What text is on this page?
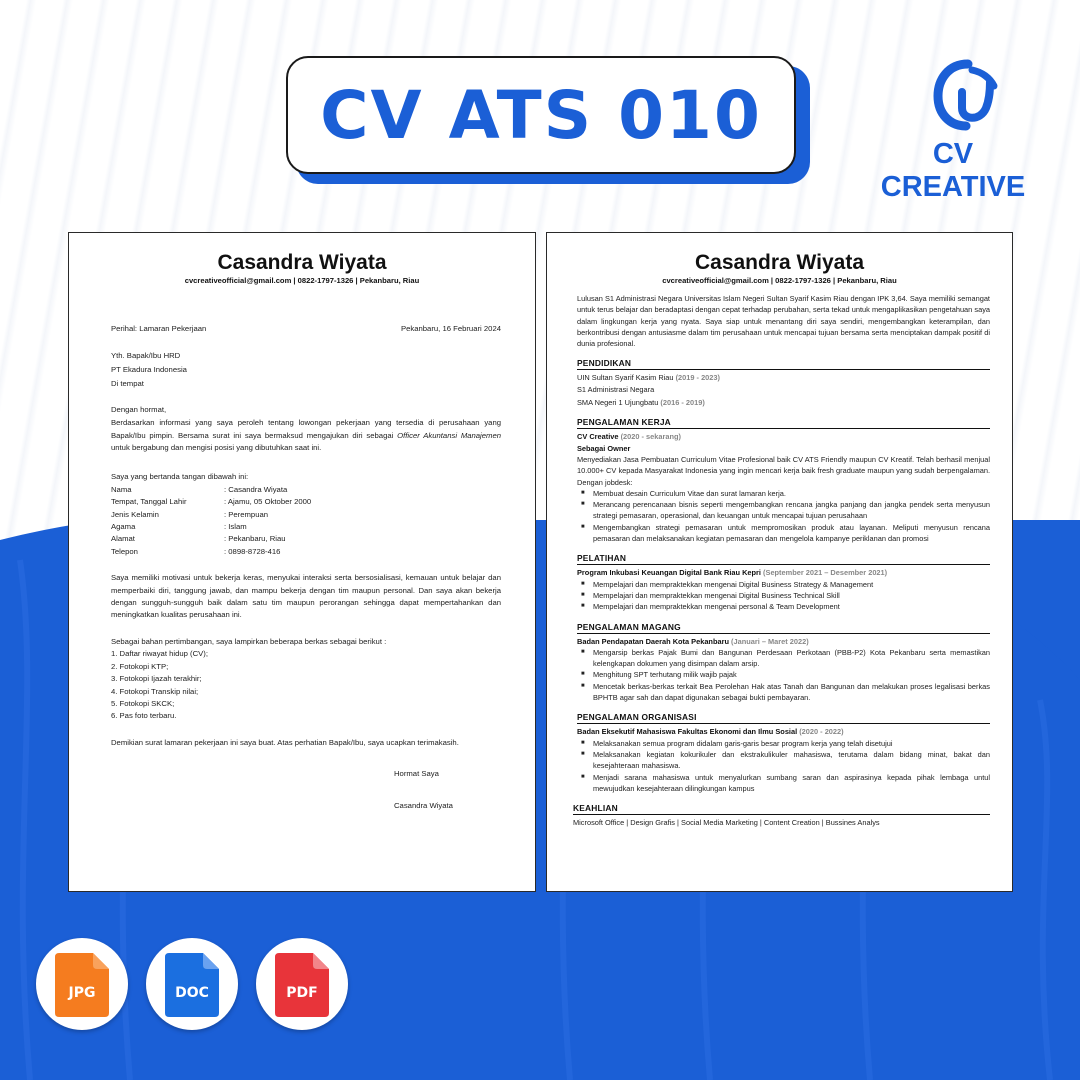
CV ATS 010
CV CREATIVE
Casandra Wiyata
cvcreativeofficial@gmail.com | 0822-1797-1326 | Pekanbaru, Riau
Perihal: Lamaran Pekerjaan	Pekanbaru, 16 Februari 2024
Yth. Bapak/Ibu HRD
PT Ekadura Indonesia
Di tempat
Dengan hormat,
Berdasarkan informasi yang saya peroleh tentang lowongan pekerjaan yang tersedia di perusahaan yang Bapak/Ibu pimpin. Bersama surat ini saya bermaksud mengajukan diri sebagai Officer Akuntansi Manajemen untuk bergabung dan mengisi posisi yang dibutuhkan saat ini.
Saya yang bertanda tangan dibawah ini:
Nama	: Casandra Wiyata
Tempat, Tanggal Lahir	: Ajamu, 05 Oktober 2000
Jenis Kelamin	: Perempuan
Agama	: Islam
Alamat	: Pekanbaru, Riau
Telepon	: 0898-8728-416
Saya memiliki motivasi untuk bekerja keras, menyukai interaksi serta bersosialisasi, kemauan untuk belajar dan memperbaiki diri, tanggung jawab, dan mampu bekerja dengan tim maupun personal. Dan saya akan bekerja dengan sungguh-sungguh baik dalam satu tim maupun perorangan sehingga dapat mempertahankan dan meningkatkan kualitas perusahaan ini.
Sebagai bahan pertimbangan, saya lampirkan beberapa berkas sebagai berikut :
1. Daftar riwayat hidup (CV);
2. Fotokopi KTP;
3. Fotokopi Ijazah terakhir;
4. Fotokopi Transkip nilai;
5. Fotokopi SKCK;
6. Pas foto terbaru.
Demikian surat lamaran pekerjaan ini saya buat. Atas perhatian Bapak/Ibu, saya ucapkan terimakasih.
Hormat Saya
Casandra Wiyata
Casandra Wiyata
cvcreativeofficial@gmail.com | 0822-1797-1326 | Pekanbaru, Riau
Lulusan S1 Administrasi Negara Universitas Islam Negeri Sultan Syarif Kasim Riau dengan IPK 3,64. Saya memiliki semangat untuk terus belajar dan beradaptasi dengan cepat terhadap perubahan, serta tekad untuk mengaplikasikan pengetahuan saya dalam lingkungan kerja yang nyata. Saya siap untuk menantang diri saya sendiri, mengembangkan keterampilan, dan berkontribusi dengan antusiasme dalam tim perusahaan untuk mencapai tujuan bersama serta menciptakan dampak positif di dunia profesional.
PENDIDIKAN
UIN Sultan Syarif Kasim Riau (2019 - 2023)
S1 Administrasi Negara
SMA Negeri 1 Ujungbatu (2016 - 2019)
PENGALAMAN KERJA
CV Creative (2020 - sekarang)
Sebagai Owner
Menyediakan Jasa Pembuatan Curriculum Vitae Profesional baik CV ATS Friendly maupun CV Kreatif. Telah berhasil menjual 10.000+ CV kepada Masyarakat Indonesia yang ingin mencari kerja baik fresh graduate maupun yang sudah berpengalaman. Dengan jobdesk:
■	Membuat desain Curriculum Vitae dan surat lamaran kerja.
■	Merancang perencanaan bisnis seperti mengembangkan rencana jangka panjang dan jangka pendek serta menyusun strategi pemasaran, operasional, dan keuangan untuk mencapai tujuan perusahaan
■	Mengembangkan strategi pemasaran untuk mempromosikan produk atau layanan. Meliputi menyusun rencana pemasaran dan melaksanakan kegiatan pemasaran dan mengelola kampanye periklanan dan promosi
PELATIHAN
Program Inkubasi Keuangan Digital Bank Riau Kepri (September 2021 – Desember 2021)
■	Mempelajari dan mempraktekkan mengenai Digital Business Strategy & Management
■	Mempelajari dan mempraktekkan mengenai Digital Business Technical Skill
■	Mempelajari dan mempraktekkan mengenai personal & Team Development
PENGALAMAN MAGANG
Badan Pendapatan Daerah Kota Pekanbaru (Januari – Maret 2022)
■	Mengarsip berkas Pajak Bumi dan Bangunan Perdesaan Perkotaan (PBB-P2) Kota Pekanbaru serta memastikan kelengkapan dokumen yang disimpan dalam arsip.
■	Menghitung SPT terhutang milik wajib pajak
■	Mencetak berkas-berkas terkait Bea Perolehan Hak atas Tanah dan Bangunan dan melakukan proses legalisasi berkas BPHTB agar sah dan dapat digunakan sebagai bukti pembayaran.
PENGALAMAN ORGANISASI
Badan Eksekutif Mahasiswa Fakultas Ekonomi dan Ilmu Sosial (2020 - 2022)
■	Melaksanakan semua program didalam garis-garis besar program kerja yang telah disetujui
■	Melaksanakan kegiatan kokurikuler dan ekstrakulikuler mahasiswa, terutama dalam bidang minat, bakat dan kesejahteraan mahasiswa.
■	Menjadi sarana mahasiswa untuk menyalurkan sumbang saran dan aspirasinya kepada pihak lembaga untul mewujudkan kesejahteraan dilingkungan kampus
KEAHLIAN
Microsoft Office | Design Grafis | Social Media Marketing | Content Creation | Bussines Analys
JPG	DOC	PDF
